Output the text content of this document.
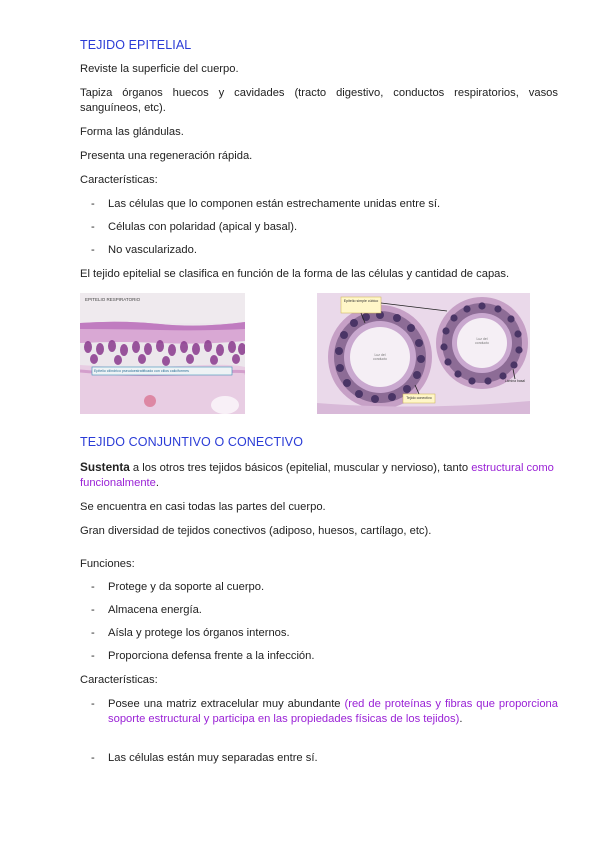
TEJIDO EPITELIAL
Reviste la superficie del cuerpo.
Tapiza órganos huecos y cavidades (tracto digestivo, conductos respiratorios, vasos sanguíneos, etc).
Forma las glándulas.
Presenta una regeneración rápida.
Características:
- Las células que lo componen están estrechamente unidas entre sí.
- Células con polaridad (apical y basal).
- No vascularizado.
El tejido epitelial se clasifica en función de la forma de las células y cantidad de capas.
EPITELIO RESPIRATORIO
Epitelio cilíndrico pseudoestratificado con cilios caliciformes
Epitelio simple cúbico
Tejido conectivo
Luz del conducto
Luz del conducto
Lámina basal
TEJIDO CONJUNTIVO O CONECTIVO
Sustenta a los otros tres tejidos básicos (epitelial, muscular y nervioso), tanto estructural como funcionalmente.
Se encuentra en casi todas las partes del cuerpo.
Gran diversidad de tejidos conectivos (adiposo, huesos, cartílago, etc).
Funciones:
- Protege y da soporte al cuerpo.
- Almacena energía.
- Aísla y protege los órganos internos.
- Proporciona defensa frente a la infección.
Características:
- Posee una matriz extracelular muy abundante (red de proteínas y fibras que proporciona soporte estructural y participa en las propiedades físicas de los tejidos).
- Las células están muy separadas entre sí.
